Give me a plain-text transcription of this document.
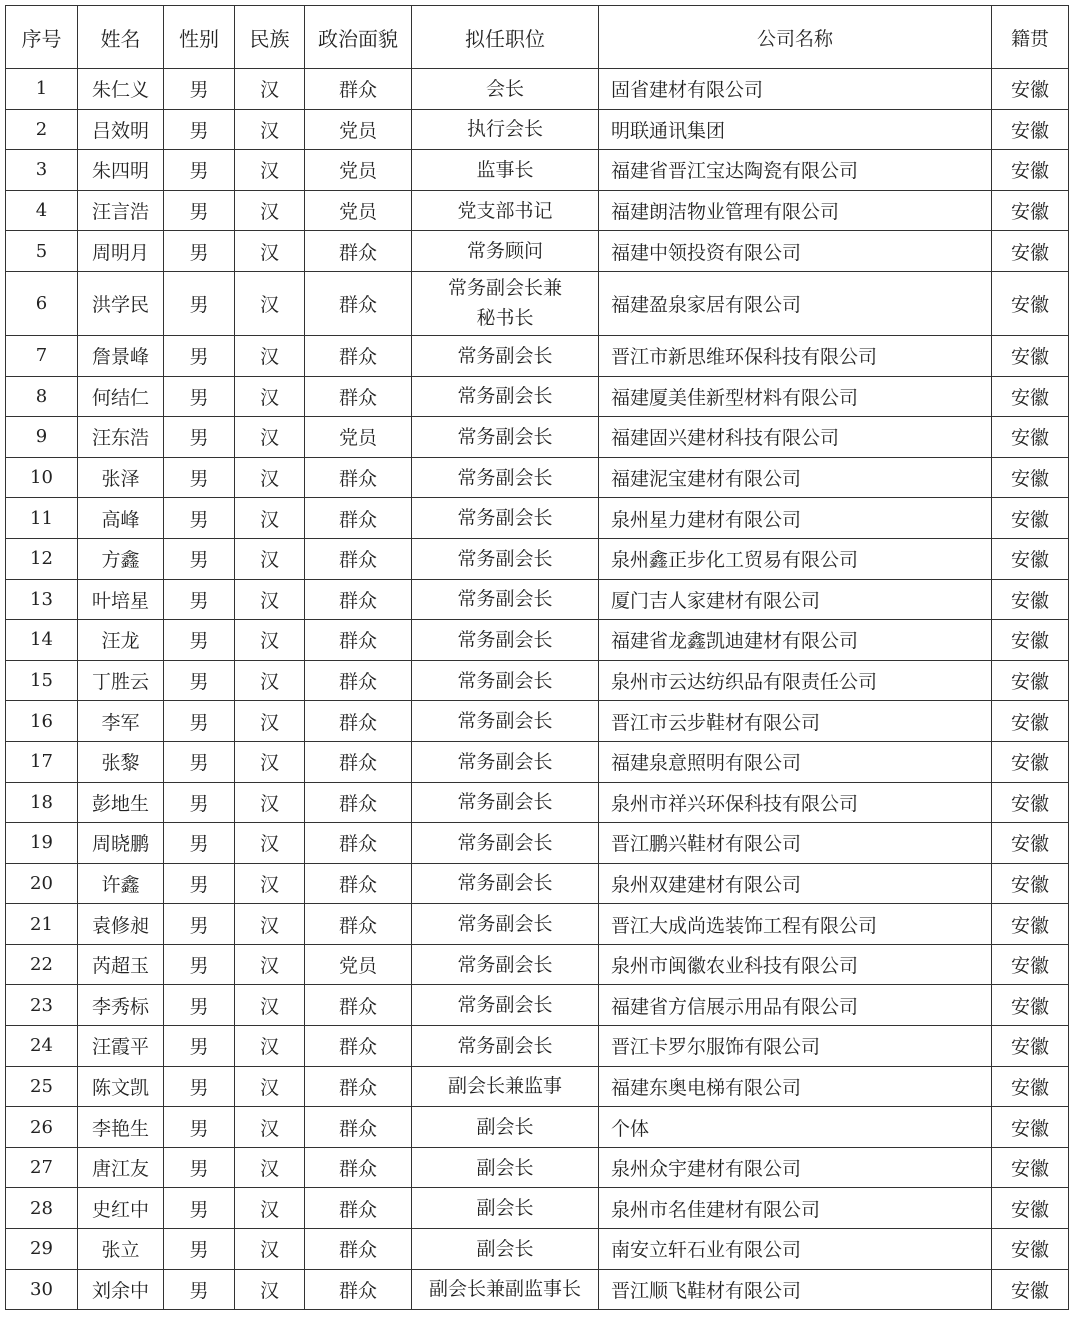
序号	姓名	性别	民族	政治面貌	拟任职位	公司名称	籍贯
1	朱仁义	男	汉	群众	会长	固省建材有限公司	安徽
2	吕效明	男	汉	党员	执行会长	明联通讯集团	安徽
3	朱四明	男	汉	党员	监事长	福建省晋江宝达陶瓷有限公司	安徽
4	汪言浩	男	汉	党员	党支部书记	福建朗洁物业管理有限公司	安徽
5	周明月	男	汉	群众	常务顾问	福建中领投资有限公司	安徽
6	洪学民	男	汉	群众	常务副会长兼
秘书长	福建盈泉家居有限公司	安徽
7	詹景峰	男	汉	群众	常务副会长	晋江市新思维环保科技有限公司	安徽
8	何结仁	男	汉	群众	常务副会长	福建厦美佳新型材料有限公司	安徽
9	汪东浩	男	汉	党员	常务副会长	福建固兴建材科技有限公司	安徽
10	张泽	男	汉	群众	常务副会长	福建泥宝建材有限公司	安徽
11	高峰	男	汉	群众	常务副会长	泉州星力建材有限公司	安徽
12	方鑫	男	汉	群众	常务副会长	泉州鑫正步化工贸易有限公司	安徽
13	叶培星	男	汉	群众	常务副会长	厦门吉人家建材有限公司	安徽
14	汪龙	男	汉	群众	常务副会长	福建省龙鑫凯迪建材有限公司	安徽
15	丁胜云	男	汉	群众	常务副会长	泉州市云达纺织品有限责任公司	安徽
16	李军	男	汉	群众	常务副会长	晋江市云步鞋材有限公司	安徽
17	张黎	男	汉	群众	常务副会长	福建泉意照明有限公司	安徽
18	彭地生	男	汉	群众	常务副会长	泉州市祥兴环保科技有限公司	安徽
19	周晓鹏	男	汉	群众	常务副会长	晋江鹏兴鞋材有限公司	安徽
20	许鑫	男	汉	群众	常务副会长	泉州双建建材有限公司	安徽
21	袁修昶	男	汉	群众	常务副会长	晋江大成尚选装饰工程有限公司	安徽
22	芮超玉	男	汉	党员	常务副会长	泉州市闽徽农业科技有限公司	安徽
23	李秀标	男	汉	群众	常务副会长	福建省方信展示用品有限公司	安徽
24	汪霞平	男	汉	群众	常务副会长	晋江卡罗尔服饰有限公司	安徽
25	陈文凯	男	汉	群众	副会长兼监事	福建东奥电梯有限公司	安徽
26	李艳生	男	汉	群众	副会长	个体	安徽
27	唐江友	男	汉	群众	副会长	泉州众宇建材有限公司	安徽
28	史红中	男	汉	群众	副会长	泉州市名佳建材有限公司	安徽
29	张立	男	汉	群众	副会长	南安立轩石业有限公司	安徽
30	刘余中	男	汉	群众	副会长兼副监事长	晋江顺飞鞋材有限公司	安徽
